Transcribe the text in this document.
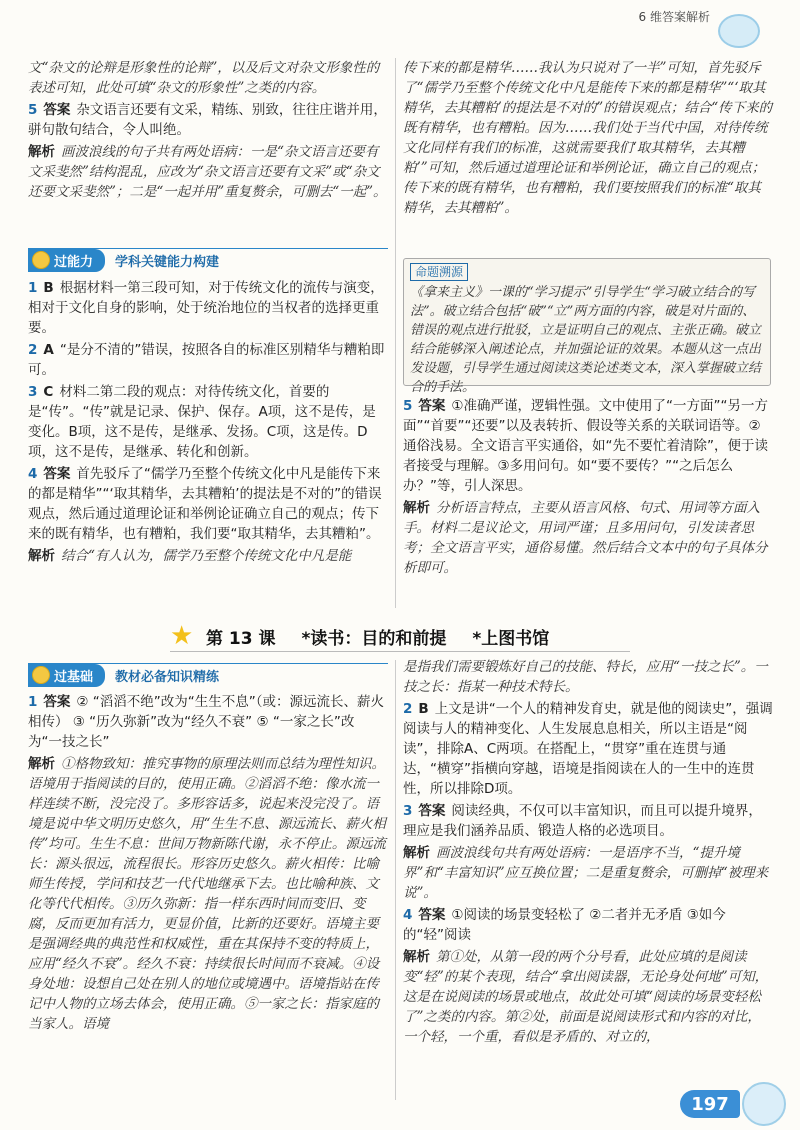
6 维答案解析

文“杂文的论辩是形象性的论辩”，以及后文对杂文形象性的表述可知，此处可填“杂文的形象性”之类的内容。

5 答案 杂文语言还要有文采，精练、别致，往往庄谐并用，骈句散句结合，令人叫绝。

解析 画波浪线的句子共有两处语病：一是“杂文语言还要有文采斐然”结构混乱，应改为“杂文语言还要有文采”或“杂文还要文采斐然”；二是“一起并用”重复赘余，可删去“一起”。

过能力	学科关键能力构建

1 B 根据材料一第三段可知，对于传统文化的流传与演变，相对于文化自身的影响，处于统治地位的当权者的选择更重要。

2 A “是分不清的”错误，按照各自的标准区别精华与糟粕即可。

3 C 材料二第二段的观点：对待传统文化，首要的是“传”。“传”就是记录、保护、保存。A项，这不是传，是变化。B项，这不是传，是继承、发扬。C项，这是传。D项，这不是传，是继承、转化和创新。

4 答案 首先驳斥了“儒学乃至整个传统文化中凡是能传下来的都是精华”“‘取其精华，去其糟粕’的提法是不对的”的错误观点，然后通过道理论证和举例论证确立自己的观点；传下来的既有精华，也有糟粕，我们要“取其精华，去其糟粕”。

解析 结合“有人认为，儒学乃至整个传统文化中凡是能

传下来的都是精华……我认为只说对了一半”可知，首先驳斥了“儒学乃至整个传统文化中凡是能传下来的都是精华”“‘取其精华，去其糟粕’的提法是不对的”的错误观点；结合“传下来的既有精华，也有糟粕。因为……我们处于当代中国，对待传统文化同样有我们的标准，这就需要我们‘取其精华，去其糟粕’”可知，然后通过道理论证和举例论证，确立自己的观点；传下来的既有精华，也有糟粕，我们要按照我们的标准“取其精华，去其糟粕”。

命题溯源
《拿来主义》一课的“学习提示”引导学生“学习破立结合的写法”。破立结合包括“破”“立”两方面的内容，破是对片面的、错误的观点进行批驳，立是证明自己的观点、主张正确。破立结合能够深入阐述论点，并加强论证的效果。本题从这一点出发设题，引导学生通过阅读这类论述类文本，深入掌握破立结合的手法。

5 答案 ①准确严谨，逻辑性强。文中使用了“一方面”“另一方面”“首要”“还要”以及表转折、假设等关系的关联词语等。②通俗浅易。全文语言平实通俗，如“先不要忙着清除”，便于读者接受与理解。③多用问句。如“要不要传？”“之后怎么办？”等，引人深思。

解析 分析语言特点，主要从语言风格、句式、用词等方面入手。材料二是议论文，用词严谨；且多用问句，引发读者思考；全文语言平实，通俗易懂。然后结合文本中的句子具体分析即可。

★ 第 13 课 *读书：目的和前提 *上图书馆
过基础	教材必备知识精练

1 答案 ② “滔滔不绝”改为“生生不息”（或：源远流长、薪火相传） ③ “历久弥新”改为“经久不衰” ⑤ “一家之长”改为“一技之长”

解析 ①格物致知：推究事物的原理法则而总结为理性知识。语境用于指阅读的目的，使用正确。②滔滔不绝：像水流一样连续不断，没完没了。多形容话多，说起来没完没了。语境是说中华文明历史悠久，用“生生不息、源远流长、薪火相传”均可。生生不息：世间万物新陈代谢，永不停止。源远流长：源头很远，流程很长。形容历史悠久。薪火相传：比喻师生传授，学问和技艺一代代地继承下去。也比喻种族、文化等代代相传。③历久弥新：指一样东西时间而变旧、变腐，反而更加有活力，更显价值，比新的还要好。语境主要是强调经典的典范性和权威性，重在其保持不变的特质上，应用“经久不衰”。经久不衰：持续很长时间而不衰减。④设身处地：设想自己处在别人的地位或境遇中。语境指站在传记中人物的立场去体会，使用正确。⑤一家之长：指家庭的当家人。语境

是指我们需要锻炼好自己的技能、特长，应用“一技之长”。一技之长：指某一种技术特长。

2 B 上文是讲“一个人的精神发育史，就是他的阅读史”，强调阅读与人的精神变化、人生发展息息相关，所以主语是“阅读”，排除A、C两项。在搭配上，“贯穿”重在连贯与通达，“横穿”指横向穿越，语境是指阅读在人的一生中的连贯性，所以排除D项。

3 答案 阅读经典，不仅可以丰富知识，而且可以提升境界，理应是我们涵养品质、锻造人格的必选项目。

解析 画波浪线句共有两处语病：一是语序不当，“提升境界”和“丰富知识”应互换位置；二是重复赘余，可删掉“被理来说”。

4 答案 ①阅读的场景变轻松了 ②二者并无矛盾 ③如今的“轻”阅读

解析 第①处，从第一段的两个分号看，此处应填的是阅读变“轻”的某个表现，结合“拿出阅读器，无论身处何地”可知，这是在说阅读的场景或地点，故此处可填“阅读的场景变轻松了”之类的内容。第②处，前面是说阅读形式和内容的对比，一个轻，一个重，看似是矛盾的、对立的，

197
